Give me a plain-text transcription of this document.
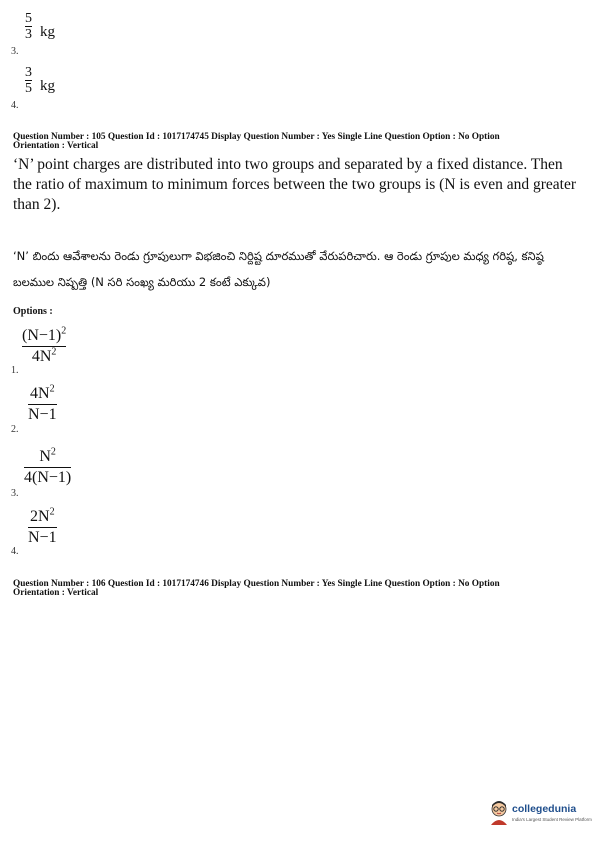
5
3 kg
3.
3
5 kg
4.
Question Number : 105 Question Id : 1017174745 Display Question Number : Yes Single Line Question Option : No Option
Orientation : Vertical
‘N’ point charges are distributed into two groups and separated by a fixed distance. Then the ratio of maximum to minimum forces between the two groups is (N is even and greater than 2).
‘N’ బిందు ఆవేశాలను రెండు గ్రూపులుగా విభజించి నిర్దిష్ట దూరముతో వేరుపరిచారు. ఆ రెండు గ్రూపుల మధ్య గరిష్ఠ, కనిష్ఠ బలముల నిష్పత్తి (N సరి సంఖ్య మరియు 2 కంటే ఎక్కువ)
Options :
$(N-1)^2$
$4N^2$
1.
$4N^2$
N−1
2.
$N^2$
4(N−1)
3.
$2N^2$
N−1
4.
Question Number : 106 Question Id : 1017174746 Display Question Number : Yes Single Line Question Option : No Option
Orientation : Vertical
collegedunia
India's Largest Student Review Platform
